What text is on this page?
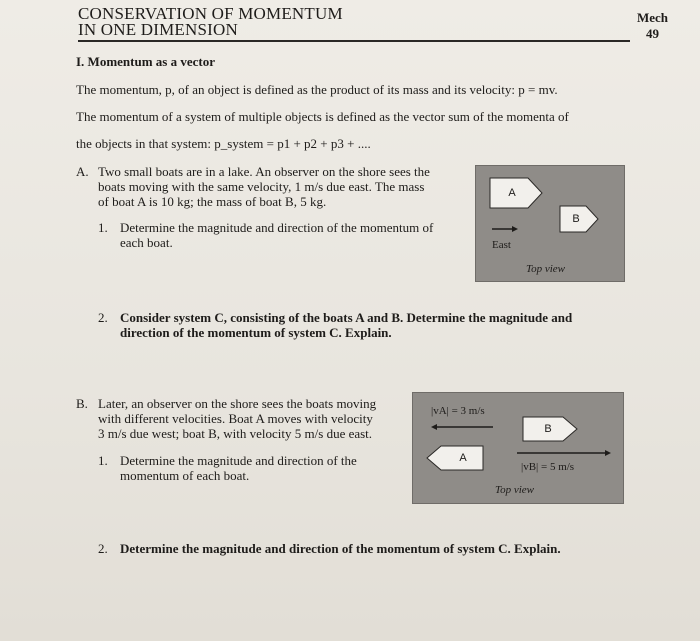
CONSERVATION OF MOMENTUM
IN ONE DIMENSION
Mech
49
I. Momentum as a vector
The momentum, p, of an object is defined as the product of its mass and its velocity: p = mv.
The momentum of a system of multiple objects is defined as the vector sum of the momenta of
the objects in that system: p_system = p1 + p2 + p3 + ....
A. Two small boats are in a lake. An observer on the shore sees the
boats moving with the same velocity, 1 m/s due east. The mass
of boat A is 10 kg; the mass of boat B, 5 kg.
1. Determine the magnitude and direction of the momentum of
each boat.
A
B
East
Top view
2. Consider system C, consisting of the boats A and B. Determine the magnitude and
direction of the momentum of system C. Explain.
B. Later, an observer on the shore sees the boats moving
with different velocities. Boat A moves with velocity
3 m/s due west; boat B, with velocity 5 m/s due east.
1. Determine the magnitude and direction of the
momentum of each boat.
|vA| = 3 m/s
B
A
|vB| = 5 m/s
Top view
2. Determine the magnitude and direction of the momentum of system C. Explain.
